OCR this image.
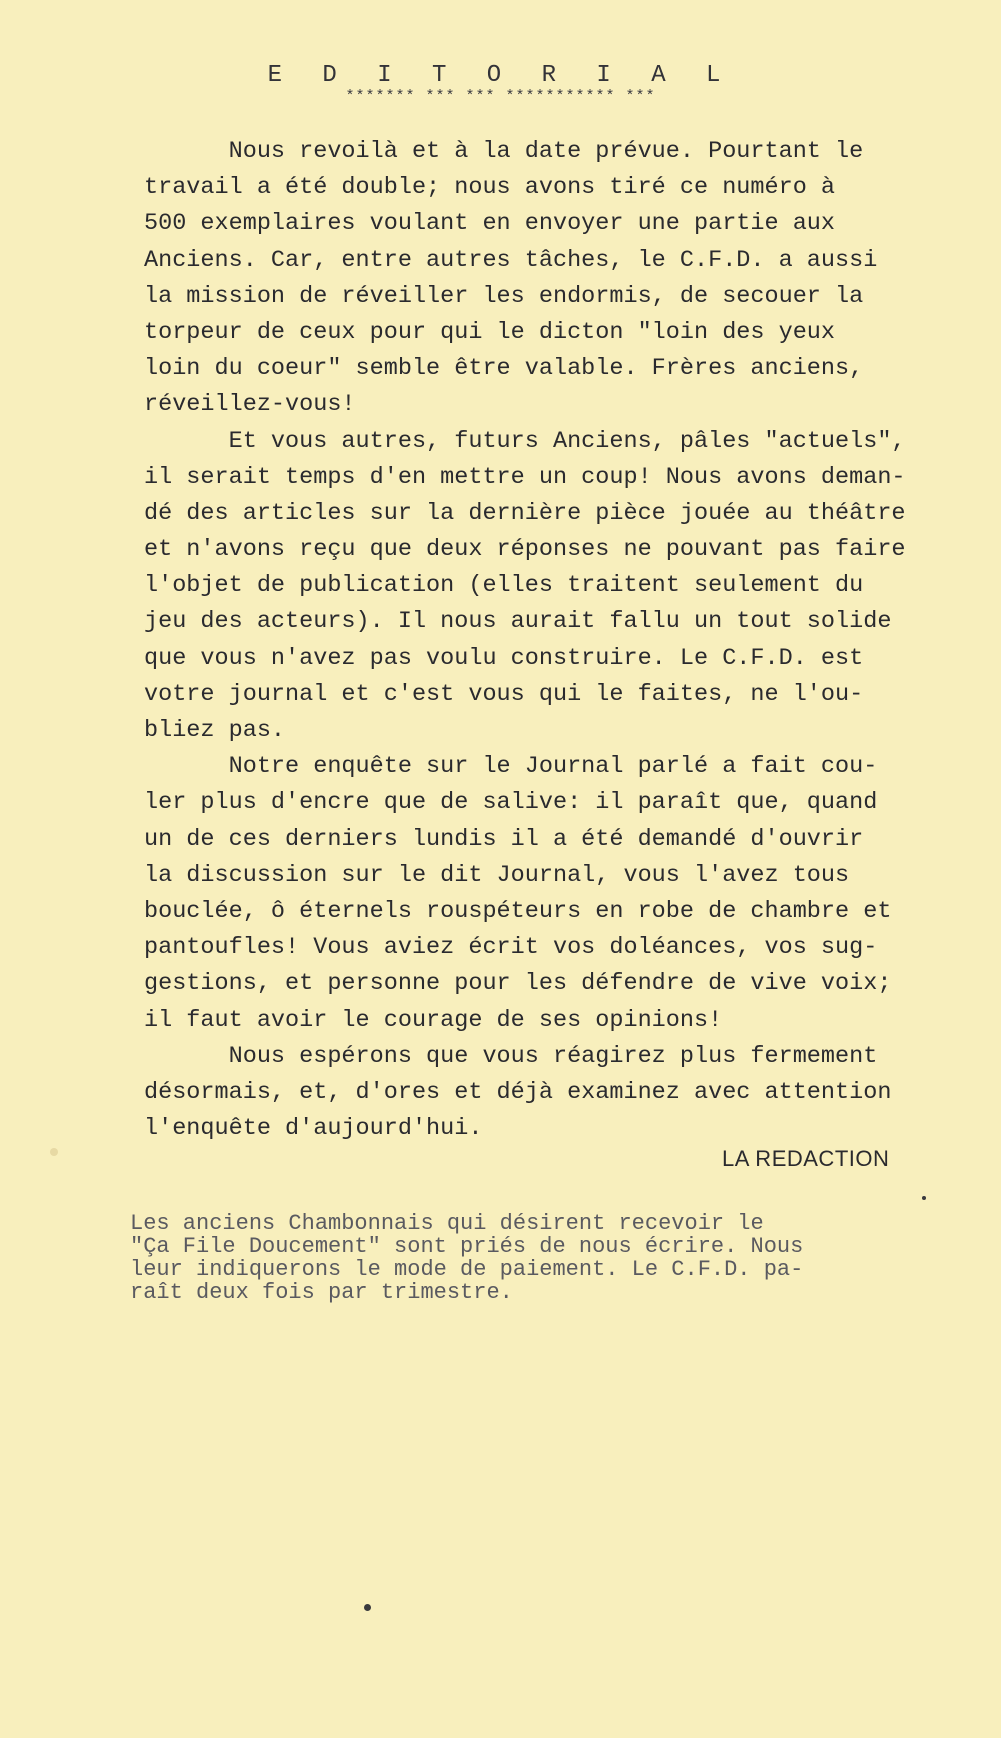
E D I T O R I A L
******* *** *** *********** ***
Nous revoilà et à la date prévue. Pourtant le
travail a été double; nous avons tiré ce numéro à
500 exemplaires voulant en envoyer une partie aux
Anciens. Car, entre autres tâches, le C.F.D. a aussi
la mission de réveiller les endormis, de secouer la
torpeur de ceux pour qui le dicton "loin des yeux
loin du coeur" semble être valable. Frères anciens,
réveillez-vous!
Et vous autres, futurs Anciens, pâles "actuels",
il serait temps d'en mettre un coup! Nous avons deman-
dé des articles sur la dernière pièce jouée au théâtre
et n'avons reçu que deux réponses ne pouvant pas faire
l'objet de publication (elles traitent seulement du
jeu des acteurs). Il nous aurait fallu un tout solide
que vous n'avez pas voulu construire. Le C.F.D. est
votre journal et c'est vous qui le faites, ne l'ou-
bliez pas.
Notre enquête sur le Journal parlé a fait cou-
ler plus d'encre que de salive: il paraît que, quand
un de ces derniers lundis il a été demandé d'ouvrir
la discussion sur le dit Journal, vous l'avez tous
bouclée, ô éternels rouspéteurs en robe de chambre et
pantoufles! Vous aviez écrit vos doléances, vos sug-
gestions, et personne pour les défendre de vive voix;
il faut avoir le courage de ses opinions!
Nous espérons que vous réagirez plus fermement
désormais, et, d'ores et déjà examinez avec attention
l'enquête d'aujourd'hui.
LA REDACTION
Les anciens Chambonnais qui désirent recevoir le
"Ça File Doucement" sont priés de nous écrire. Nous
leur indiquerons le mode de paiement. Le C.F.D. pa-
raît deux fois par trimestre.
